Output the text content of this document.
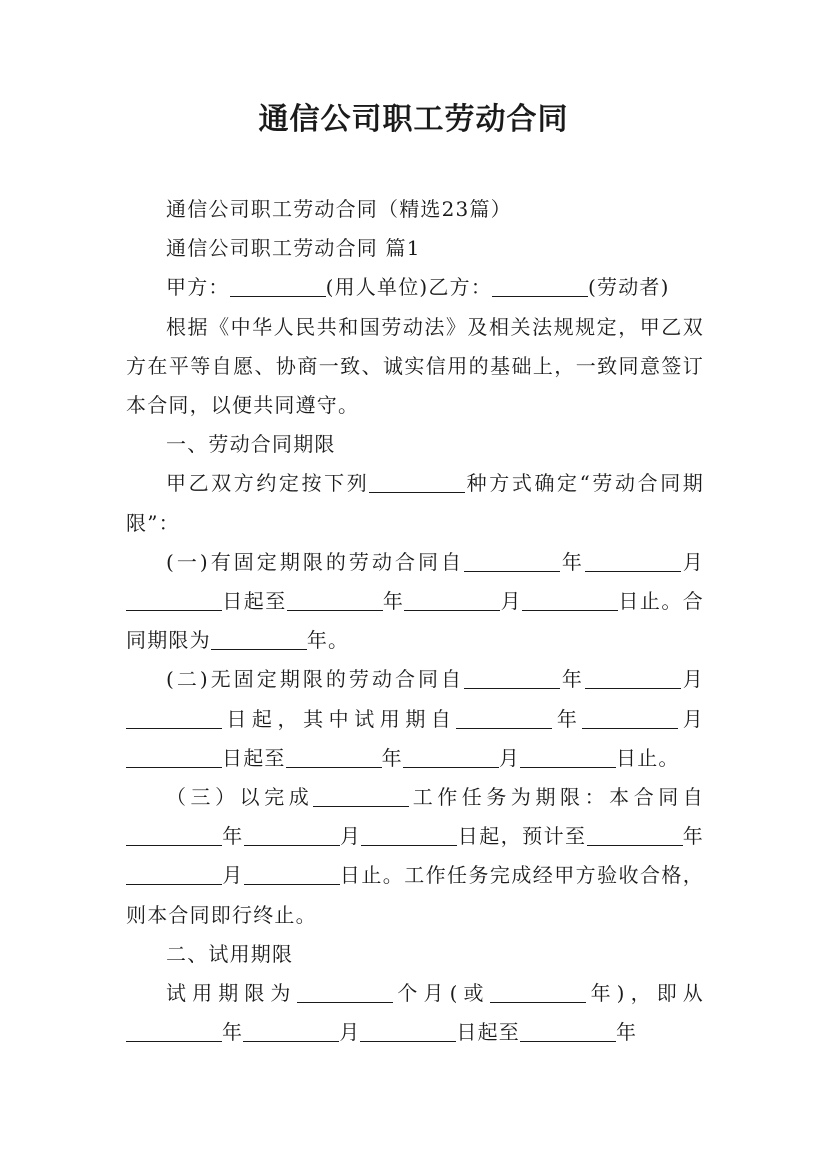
通信公司职工劳动合同

通信公司职工劳动合同（精选23篇）

通信公司职工劳动合同 篇1

甲方：	(用人单位)乙方：	(劳动者)

根据《中华人民共和国劳动法》及相关法规规定，甲乙双方在平等自愿、协商一致、诚实信用的基础上，一致同意签订本合同，以便共同遵守。

一、劳动合同期限

甲乙双方约定按下列	种方式确定“劳动合同期限”：

(一)有固定期限的劳动合同自	年	月日起至	年	月	日止。合同期限为	年。

(二)无固定期限的劳动合同自	年	月日起，其中试用期自	年	月日起至	年	月	日止。

（三）以完成	工作任务为期限：本合同自年	月	日起，预计至	年月	日止。工作任务完成经甲方验收合格，则本合同即行终止。

二、试用期限

试用期限为	个月(或	年)，即从年	月	日起至	年
